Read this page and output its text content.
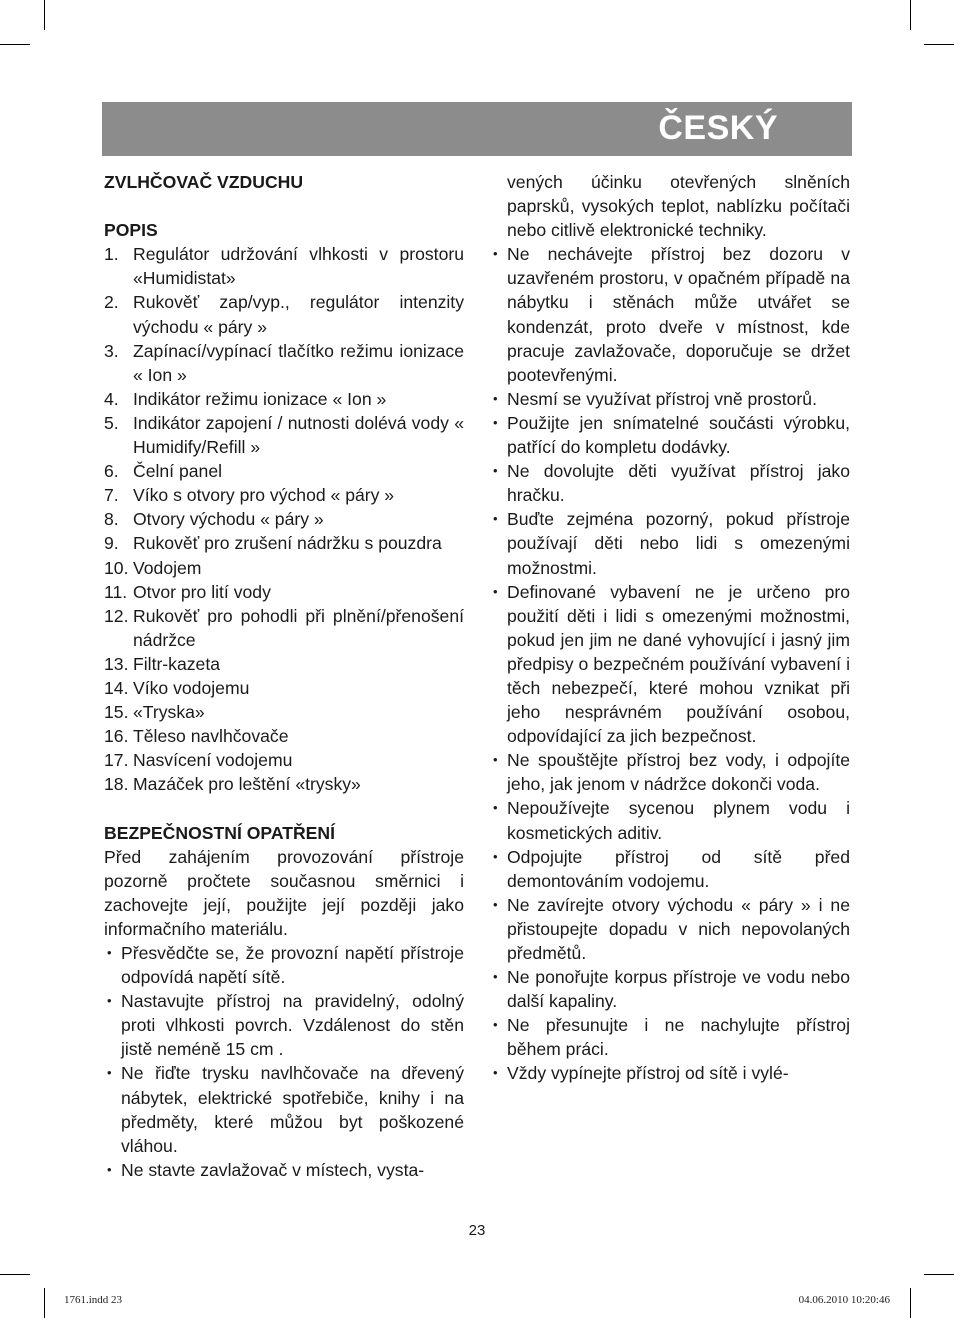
ČESKÝ

ZVLHČOVAČ VZDUCHU

POPIS

1. Regulátor udržování vlhkosti v prostoru «Humidistat»
2. Rukověť zap/vyp., regulátor intenzity východu « páry »
3. Zapínací/vypínací tlačítko režimu ionizace « Ion »
4. Indikátor režimu ionizace « Ion »
5. Indikátor zapojení / nutnosti dolévá vody « Humidify/Refill »
6. Čelní panel
7. Víko s otvory pro východ « páry »
8. Otvory východu « páry »
9. Rukověť pro zrušení nádržku s pouzdra
10. Vodojem
11. Otvor pro lití vody
12. Rukověť pro pohodli při plnění/přenošení nádržce
13. Filtr-kazeta
14. Víko vodojemu
15. «Tryska»
16. Těleso navlhčovače
17. Nasvícení vodojemu
18. Mazáček pro leštění «trysky»

BEZPEČNOSTNÍ OPATŘENÍ

Před zahájením provozování přístroje pozorně pročtete současnou směrnici i zachovejte její, použijte její později jako informačního materiálu.

• Přesvědčte se, že provozní napětí přístroje odpovídá napětí sítě.
• Nastavujte přístroj na pravidelný, odolný proti vlhkosti povrch. Vzdálenost do stěn jistě neméně 15 cm .
• Ne řiďte trysku navlhčovače na dřevený nábytek, elektrické spotřebiče, knihy i na předměty, které můžou byt poškozené vláhou.
• Ne stavte zavlažovač v místech, vysta-

vených účinku otevřených slněních paprsků, vysokých teplot, nablízku počítači nebo citlivě elektronické techniky.

• Ne nechávejte přístroj bez dozoru v uzavřeném prostoru, v opačném případě na nábytku i stěnách může utvářet se kondenzát, proto dveře v místnost, kde pracuje zavlažovače, doporučuje se držet pootevřenými.
• Nesmí se využívat přístroj vně prostorů.
• Použijte jen snímatelné součásti výrobku, patřící do kompletu dodávky.
• Ne dovolujte děti využívat přístroj jako hračku.
• Buďte zejména pozorný, pokud přístroje používají děti nebo lidi s omezenými možnostmi.
• Definované vybavení ne je určeno pro použití děti i lidi s omezenými možnostmi, pokud jen jim ne dané vyhovující i jasný jim předpisy o bezpečném používání vybavení i těch nebezpečí, které mohou vznikat při jeho nesprávném používání osobou, odpovídající za jich bezpečnost.
• Ne spouštějte přístroj bez vody, i odpojíte jeho, jak jenom v nádržce dokonči voda.
• Nepoužívejte sycenou plynem vodu i kosmetických aditiv.
• Odpojujte přístroj od sítě před demontováním vodojemu.
• Ne zavírejte otvory východu « páry » i ne přistoupejte dopadu v nich nepovolaných předmětů.
• Ne ponořujte korpus přístroje ve vodu nebo další kapaliny.
• Ne přesunujte i ne nachylujte přístroj během práci.
• Vždy vypínejte přístroj od sítě i vylé-
23
1761.indd 23	04.06.2010 10:20:46
